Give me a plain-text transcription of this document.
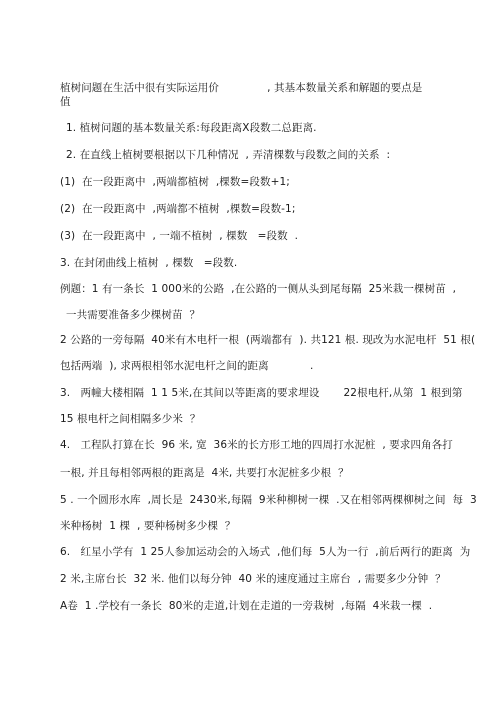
植树问题在生活中很有实际运用价              , 其基本数量关系和解题的要点是
值
1. 植树问题的基本数量关系:每段距离X段数二总距离.
2. 在直线上植树要根据以下几种情况  , 弄清棵数与段数之间的关系  :
(1)  在一段距离中  ,两端都植树  ,棵数=段数+1;
(2)  在一段距离中  ,两端都不植树  ,棵数=段数-1;
(3)  在一段距离中  , 一端不植树  , 棵数   =段数  .
3. 在封闭曲线上植树  , 棵数   =段数.
例题：1 有一条长  1 000米的公路  ,在公路的一侧从头到尾每隔  25米栽一棵树苗  ,
一共需要准备多少棵树苗  ？
2 公路的一旁每隔  40米有木电杆一根  (两端都有  ). 共121 根. 现改为水泥电杆  51 根(
包括两端  ), 求两根相邻水泥电杆之间的距离            .
3.   两幢大楼相隔  1 1 5米,在其间以等距离的要求埋设       22根电杆,从第  1 根到第
15 根电杆之间相隔多少米  ？
4.   工程队打算在长  96 米, 宽  36米的长方形工地的四周打水泥桩  , 要求四角各打
一根, 并且每相邻两根的距离是  4米, 共要打水泥桩多少根  ？
5 . 一个圆形水库  ,周长是  2430米,每隔  9米种柳树一棵  .又在相邻两棵柳树之间  每  3
米种杨树  1 棵  , 要种杨树多少棵  ？
6.   红星小学有  1 25人参加运动会的入场式  ,他们每  5人为一行  ,前后两行的距离  为
2 米,主席台长  32 米. 他们以每分钟  40 米的速度通过主席台  , 需要多少分钟  ？
A卷  1 .学校有一条长  80米的走道,计划在走道的一旁栽树  ,每隔  4米栽一棵  .
